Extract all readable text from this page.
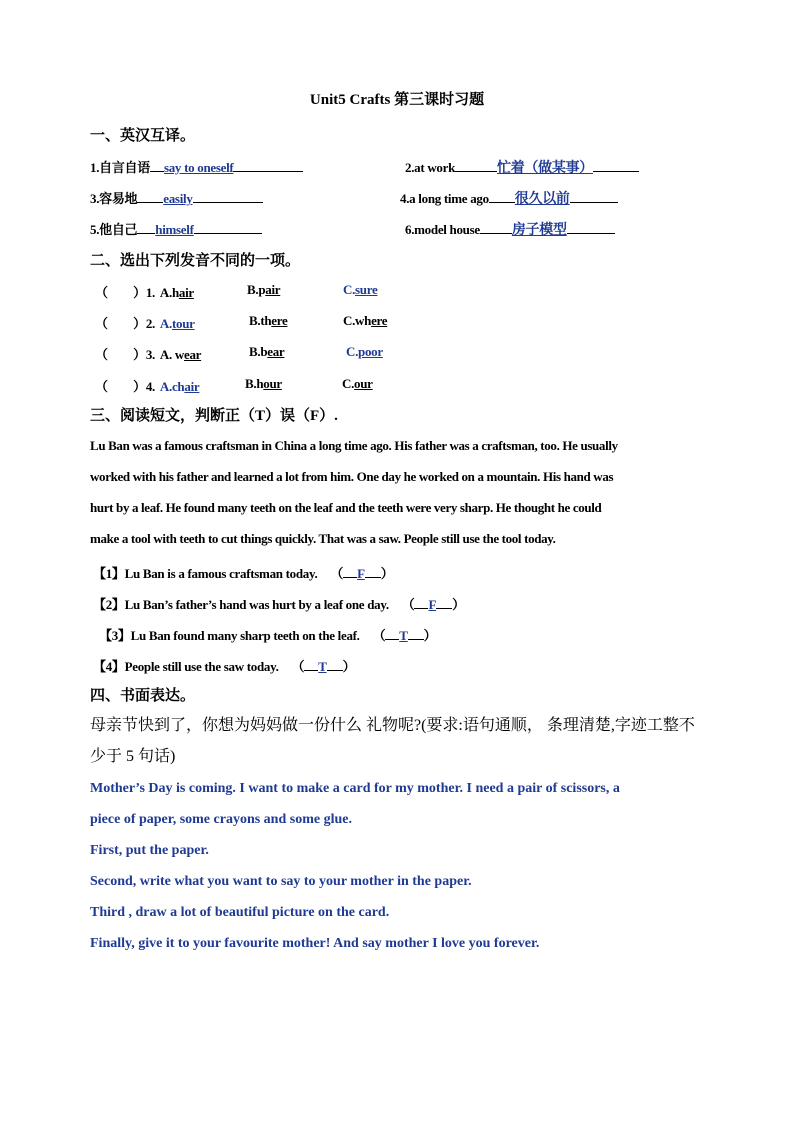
Unit5 Crafts 第三课时习题
一、英汉互译。
1.自言自语 say to oneself	2.at work	忙着（做某事）
3.容易地 easily	4.a long time ago 很久以前
5.他自己 himself	6.model house 房子模型
二、选出下列发音不同的一项。
（　　）1. A.hair	B.pair	C.sure
（　　）2. A.tour	B.there	C.where
（　　）3. A. wear	B.bear	C.poor
（　　）4. A.chair	B.hour	C.our
三、阅读短文，判断正（T）误（F）.

Lu Ban was a famous craftsman in China a long time ago. His father was a craftsman, too. He usually

worked with his father and learned a lot from him. One day he worked on a mountain. His hand was

hurt by a leaf. He found many teeth on the leaf and the teeth were very sharp. He thought he could

make a tool with teeth to cut things quickly. That was a saw. People still use the tool today.

【1】Lu Ban is a famous craftsman today. （ F ）
【2】Lu Ban’s father’s hand was hurt by a leaf one day. （ F ）
【3】Lu Ban found many sharp teeth on the leaf. （ T ）
【4】People still use the saw today. （ T ）
四、书面表达。

母亲节快到了，你想为妈妈做一份什么 礼物呢?(要求:语句通顺， 条理清楚,字迹工整不

少于 5 句话)

Mother’s Day is coming. I want to make a card for my mother. I need a pair of scissors, a

piece of paper, some crayons and some glue.

First, put the paper.

Second, write what you want to say to your mother in the paper.

Third , draw a lot of beautiful picture on the card.

Finally, give it to your favourite mother! And say mother I love you forever.
